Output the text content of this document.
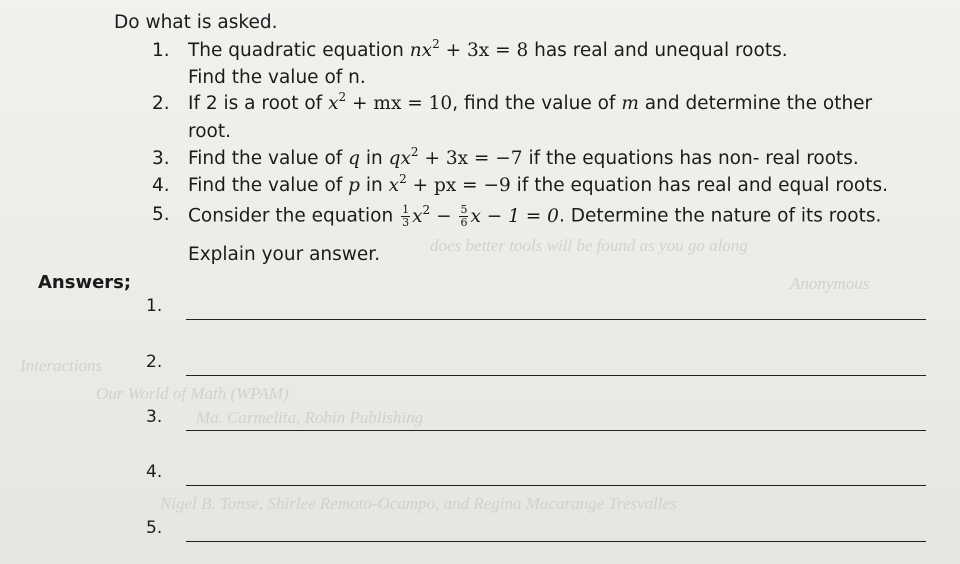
does better tools will be found as you go along
Anonymous
Interactions
Our World of Math (WPAM)
Ma. Carmelita, Robin Publishing
Nigel B. Tonse, Shirlee Remoto-Ocampo, and Regina Macarange Tresvalles
Do what is asked.
1. The quadratic equation $nx^2 + 3x = 8$ has real and unequal roots.
Find the value of n.
2. If 2 is a root of $x^2$ + mx = 10, find the value of m and determine the other
root.
3. Find the value of q in $qx^2 + 3x = -7$ if the equations has non- real roots.
4. Find the value of p in $x^2$ + px = −9 if the equation has real and equal roots.
5. Consider the equation $\frac{1}{3} x^2 - \frac{5}{6}$ x − 1 = 0. Determine the nature of its roots.
Explain your answer.
Answers;
1.
2.
3.
4.
5.
